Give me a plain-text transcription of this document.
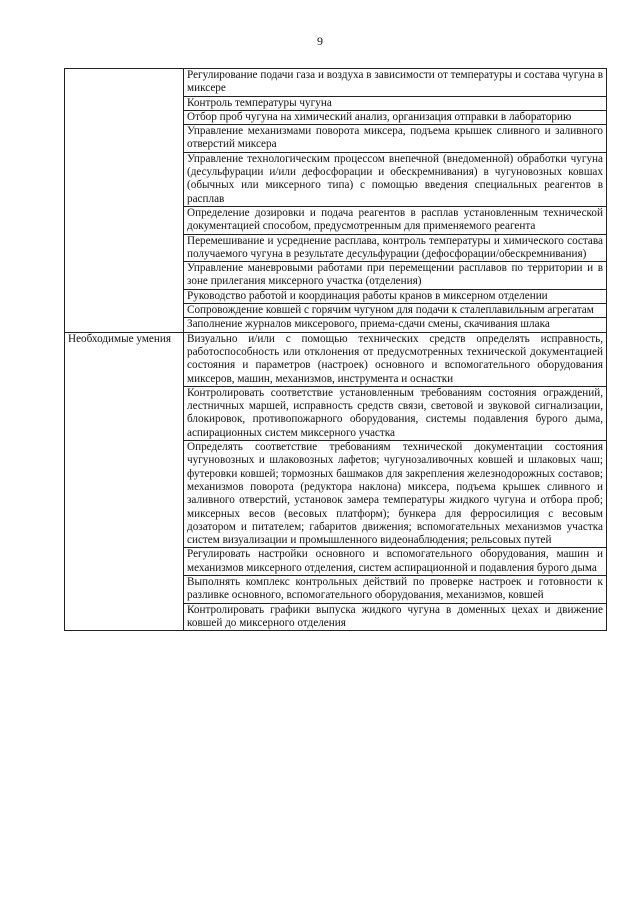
9
	Регулирование подачи газа и воздуха в зависимости от температуры и состава чугуна в миксере
	Контроль температуры чугуна
	Отбор проб чугуна на химический анализ, организация отправки в лабораторию
	Управление механизмами поворота миксера, подъема крышек сливного и заливного отверстий миксера
	Управление технологическим процессом внепечной (внедоменной) обработки чугуна (десульфурации и/или дефосфорации и обескремнивания) в чугуновозных ковшах (обычных или миксерного типа) с помощью введения специальных реагентов в расплав
	Определение дозировки и подача реагентов в расплав установленным технической документацией способом, предусмотренным для применяемого реагента
	Перемешивание и усреднение расплава, контроль температуры и химического состава получаемого чугуна в результате десульфурации (дефосфорации/обескремнивания)
	Управление маневровыми работами при перемещении расплавов по территории и в зоне прилегания миксерного участка (отделения)
	Руководство работой и координация работы кранов в миксерном отделении
	Сопровождение ковшей с горячим чугуном для подачи к сталеплавильным агрегатам
	Заполнение журналов миксерового, приема-сдачи смены, скачивания шлака
Необходимые умения	Визуально и/или с помощью технических средств определять исправность, работоспособность или отклонения от предусмотренных технической документацией состояния и параметров (настроек) основного и вспомогательного оборудования миксеров, машин, механизмов, инструмента и оснастки
	Контролировать соответствие установленным требованиям состояния ограждений, лестничных маршей, исправность средств связи, световой и звуковой сигнализации, блокировок, противопожарного оборудования, системы подавления бурого дыма, аспирационных систем миксерного участка
	Определять соответствие требованиям технической документации состояния чугуновозных и шлаковозных лафетов; чугунозаливочных ковшей и шлаковых чаш; футеровки ковшей; тормозных башмаков для закрепления железнодорожных составов; механизмов поворота (редуктора наклона) миксера, подъема крышек сливного и заливного отверстий, установок замера температуры жидкого чугуна и отбора проб; миксерных весов (весовых платформ); бункера для ферросилиция с весовым дозатором и питателем; габаритов движения; вспомогательных механизмов участка систем визуализации и промышленного видеонаблюдения; рельсовых путей
	Регулировать настройки основного и вспомогательного оборудования, машин и механизмов миксерного отделения, систем аспирационной и подавления бурого дыма
	Выполнять комплекс контрольных действий по проверке настроек и готовности к разливке основного, вспомогательного оборудования, механизмов, ковшей
	Контролировать графики выпуска жидкого чугуна в доменных цехах и движение ковшей до миксерного отделения
